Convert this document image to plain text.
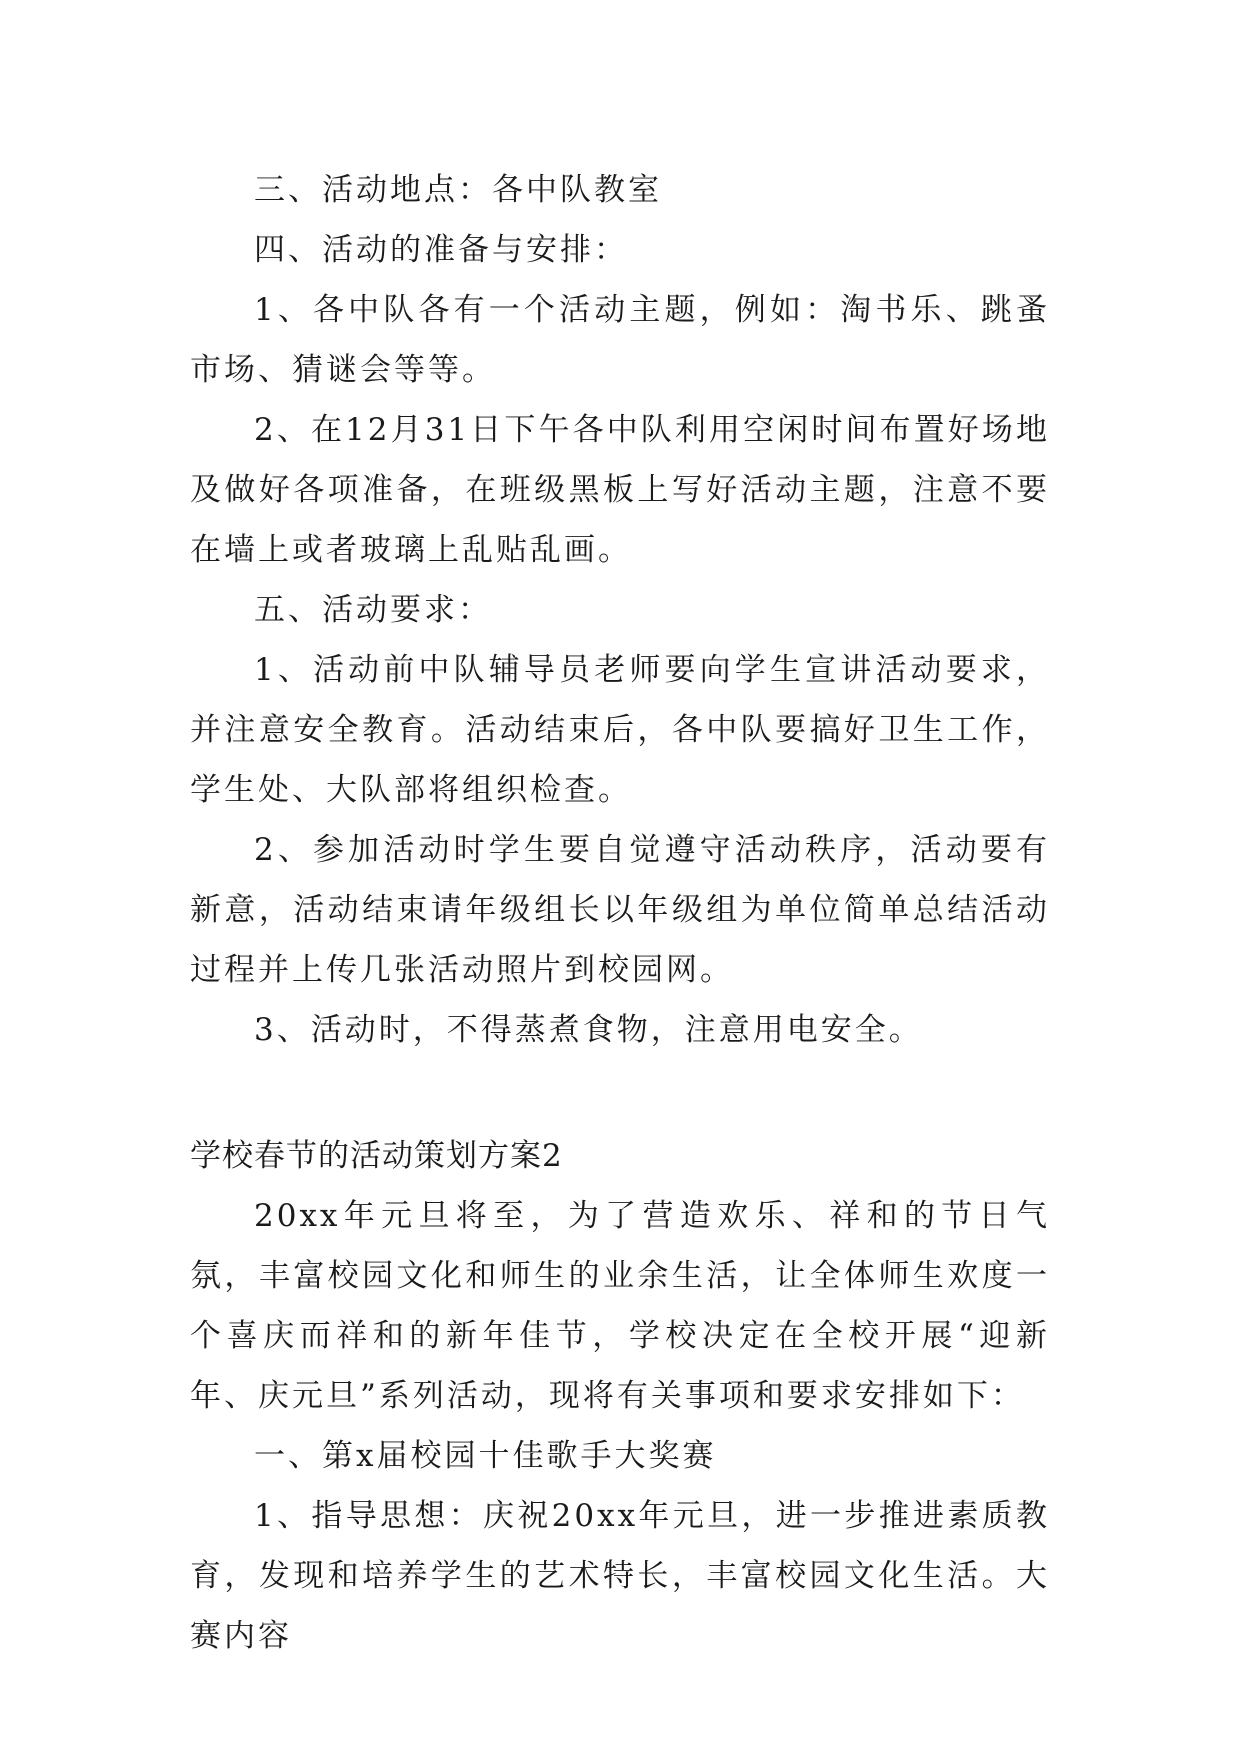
三、活动地点：各中队教室

四、活动的准备与安排：

1、各中队各有一个活动主题，例如：淘书乐、跳蚤市场、猜谜会等等。

2、在12月31日下午各中队利用空闲时间布置好场地及做好各项准备，在班级黑板上写好活动主题，注意不要在墙上或者玻璃上乱贴乱画。

五、活动要求：

1、活动前中队辅导员老师要向学生宣讲活动要求，并注意安全教育。活动结束后，各中队要搞好卫生工作，学生处、大队部将组织检查。

2、参加活动时学生要自觉遵守活动秩序，活动要有新意，活动结束请年级组长以年级组为单位简单总结活动过程并上传几张活动照片到校园网。

3、活动时，不得蒸煮食物，注意用电安全。

学校春节的活动策划方案2

20xx年元旦将至，为了营造欢乐、祥和的节日气氛，丰富校园文化和师生的业余生活，让全体师生欢度一个喜庆而祥和的新年佳节，学校决定在全校开展“迎新年、庆元旦”系列活动，现将有关事项和要求安排如下：

一、第x届校园十佳歌手大奖赛

1、指导思想：庆祝20xx年元旦，进一步推进素质教育，发现和培养学生的艺术特长，丰富校园文化生活。大赛内容
